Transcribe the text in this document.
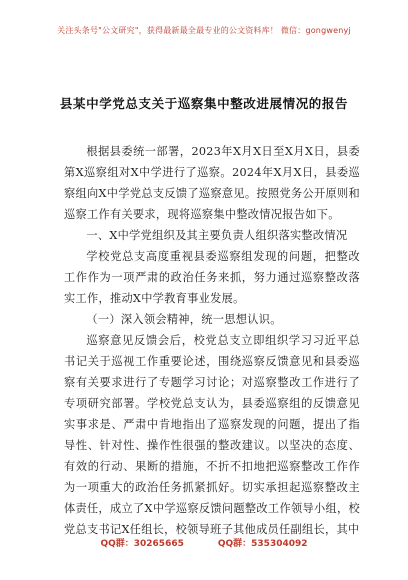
关注头条号"公文研究"，获得最新最全最专业的公文资料库！ 微信：gongwenyj
县某中学党总支关于巡察集中整改进展情况的报告

根据县委统一部署，2023年X月X日至X月X日，县委第X巡察组对X中学进行了巡察。2024年X月X日，县委巡察组向X中学党总支反馈了巡察意见。按照党务公开原则和巡察工作有关要求，现将巡察集中整改情况报告如下。

一、X中学党组织及其主要负责人组织落实整改情况

学校党总支高度重视县委巡察组发现的问题，把整改工作作为一项严肃的政治任务来抓，努力通过巡察整改落实工作，推动X中学教育事业发展。

（一）深入领会精神，统一思想认识。

巡察意见反馈会后，校党总支立即组织学习习近平总书记关于巡视工作重要论述，围绕巡察反馈意见和县委巡察有关要求进行了专题学习讨论；对巡察整改工作进行了专项研究部署。学校党总支认为，县委巡察组的反馈意见实事求是、严肃中肯地指出了巡察发现的问题，提出了指导性、针对性、操作性很强的整改建议。以坚决的态度、有效的行动、果断的措施，不折不扣地把巡察整改工作作为一项重大的政治任务抓紧抓好。切实承担起巡察整改主体责任，成立了X中学巡察反馈问题整改工作领导小组，校党总支书记X任组长，校领导班子其他成员任副组长，其中

QQ群：30265665	QQ群：535304092
